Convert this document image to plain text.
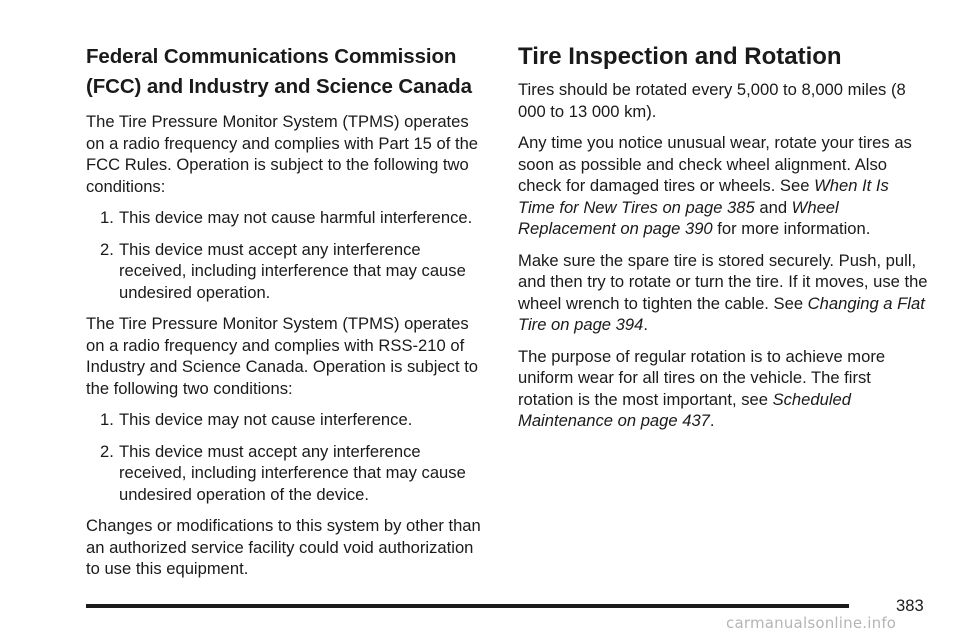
Federal Communications Commission (FCC) and Industry and Science Canada

The Tire Pressure Monitor System (TPMS) operates on a radio frequency and complies with Part 15 of the FCC Rules. Operation is subject to the following two conditions:

1. This device may not cause harmful interference.
2. This device must accept any interference received, including interference that may cause undesired operation.

The Tire Pressure Monitor System (TPMS) operates on a radio frequency and complies with RSS-210 of Industry and Science Canada. Operation is subject to the following two conditions:

1. This device may not cause interference.
2. This device must accept any interference received, including interference that may cause undesired operation of the device.

Changes or modifications to this system by other than an authorized service facility could void authorization to use this equipment.

Tire Inspection and Rotation

Tires should be rotated every 5,000 to 8,000 miles (8 000 to 13 000 km).

Any time you notice unusual wear, rotate your tires as soon as possible and check wheel alignment. Also check for damaged tires or wheels. See When It Is Time for New Tires on page 385 and Wheel Replacement on page 390 for more information.

Make sure the spare tire is stored securely. Push, pull, and then try to rotate or turn the tire. If it moves, use the wheel wrench to tighten the cable. See Changing a Flat Tire on page 394.

The purpose of regular rotation is to achieve more uniform wear for all tires on the vehicle. The first rotation is the most important, see Scheduled Maintenance on page 437.

383
carmanualsonline.info
